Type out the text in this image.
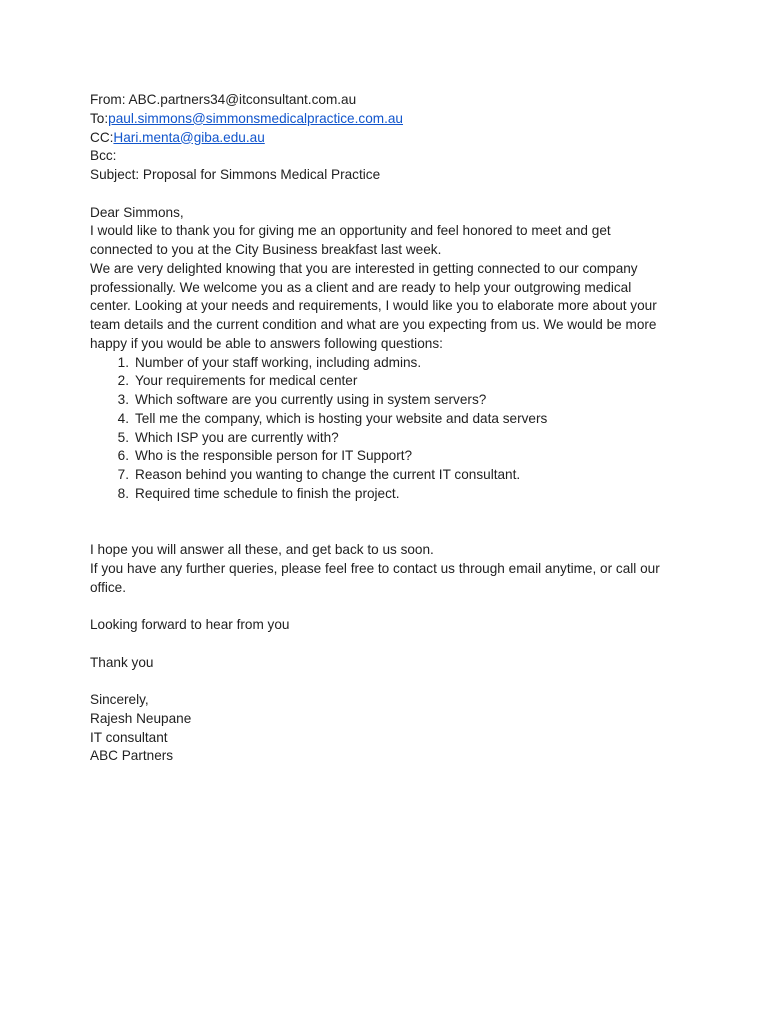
From: ABC.partners34@itconsultant.com.au
To:paul.simmons@simmonsmedicalpractice.com.au
CC:Hari.menta@giba.edu.au
Bcc:
Subject: Proposal for Simmons Medical Practice
Dear Simmons,
I would like to thank you for giving me an opportunity and feel honored to meet and get
connected to you at the City Business breakfast last week.
We are very delighted knowing that you are interested in getting connected to our company
professionally. We welcome you as a client and are ready to help your outgrowing medical
center. Looking at your needs and requirements, I would like you to elaborate more about your
team details and the current condition and what are you expecting from us. We would be more
happy if you would be able to answers following questions:
1. Number of your staff working, including admins.
2. Your requirements for medical center
3. Which software are you currently using in system servers?
4. Tell me the company, which is hosting your website and data servers
5. Which ISP you are currently with?
6. Who is the responsible person for IT Support?
7. Reason behind you wanting to change the current IT consultant.
8. Required time schedule to finish the project.
I hope you will answer all these, and get back to us soon.
If you have any further queries, please feel free to contact us through email anytime, or call our
office.
Looking forward to hear from you
Thank you
Sincerely,
Rajesh Neupane
IT consultant
ABC Partners
